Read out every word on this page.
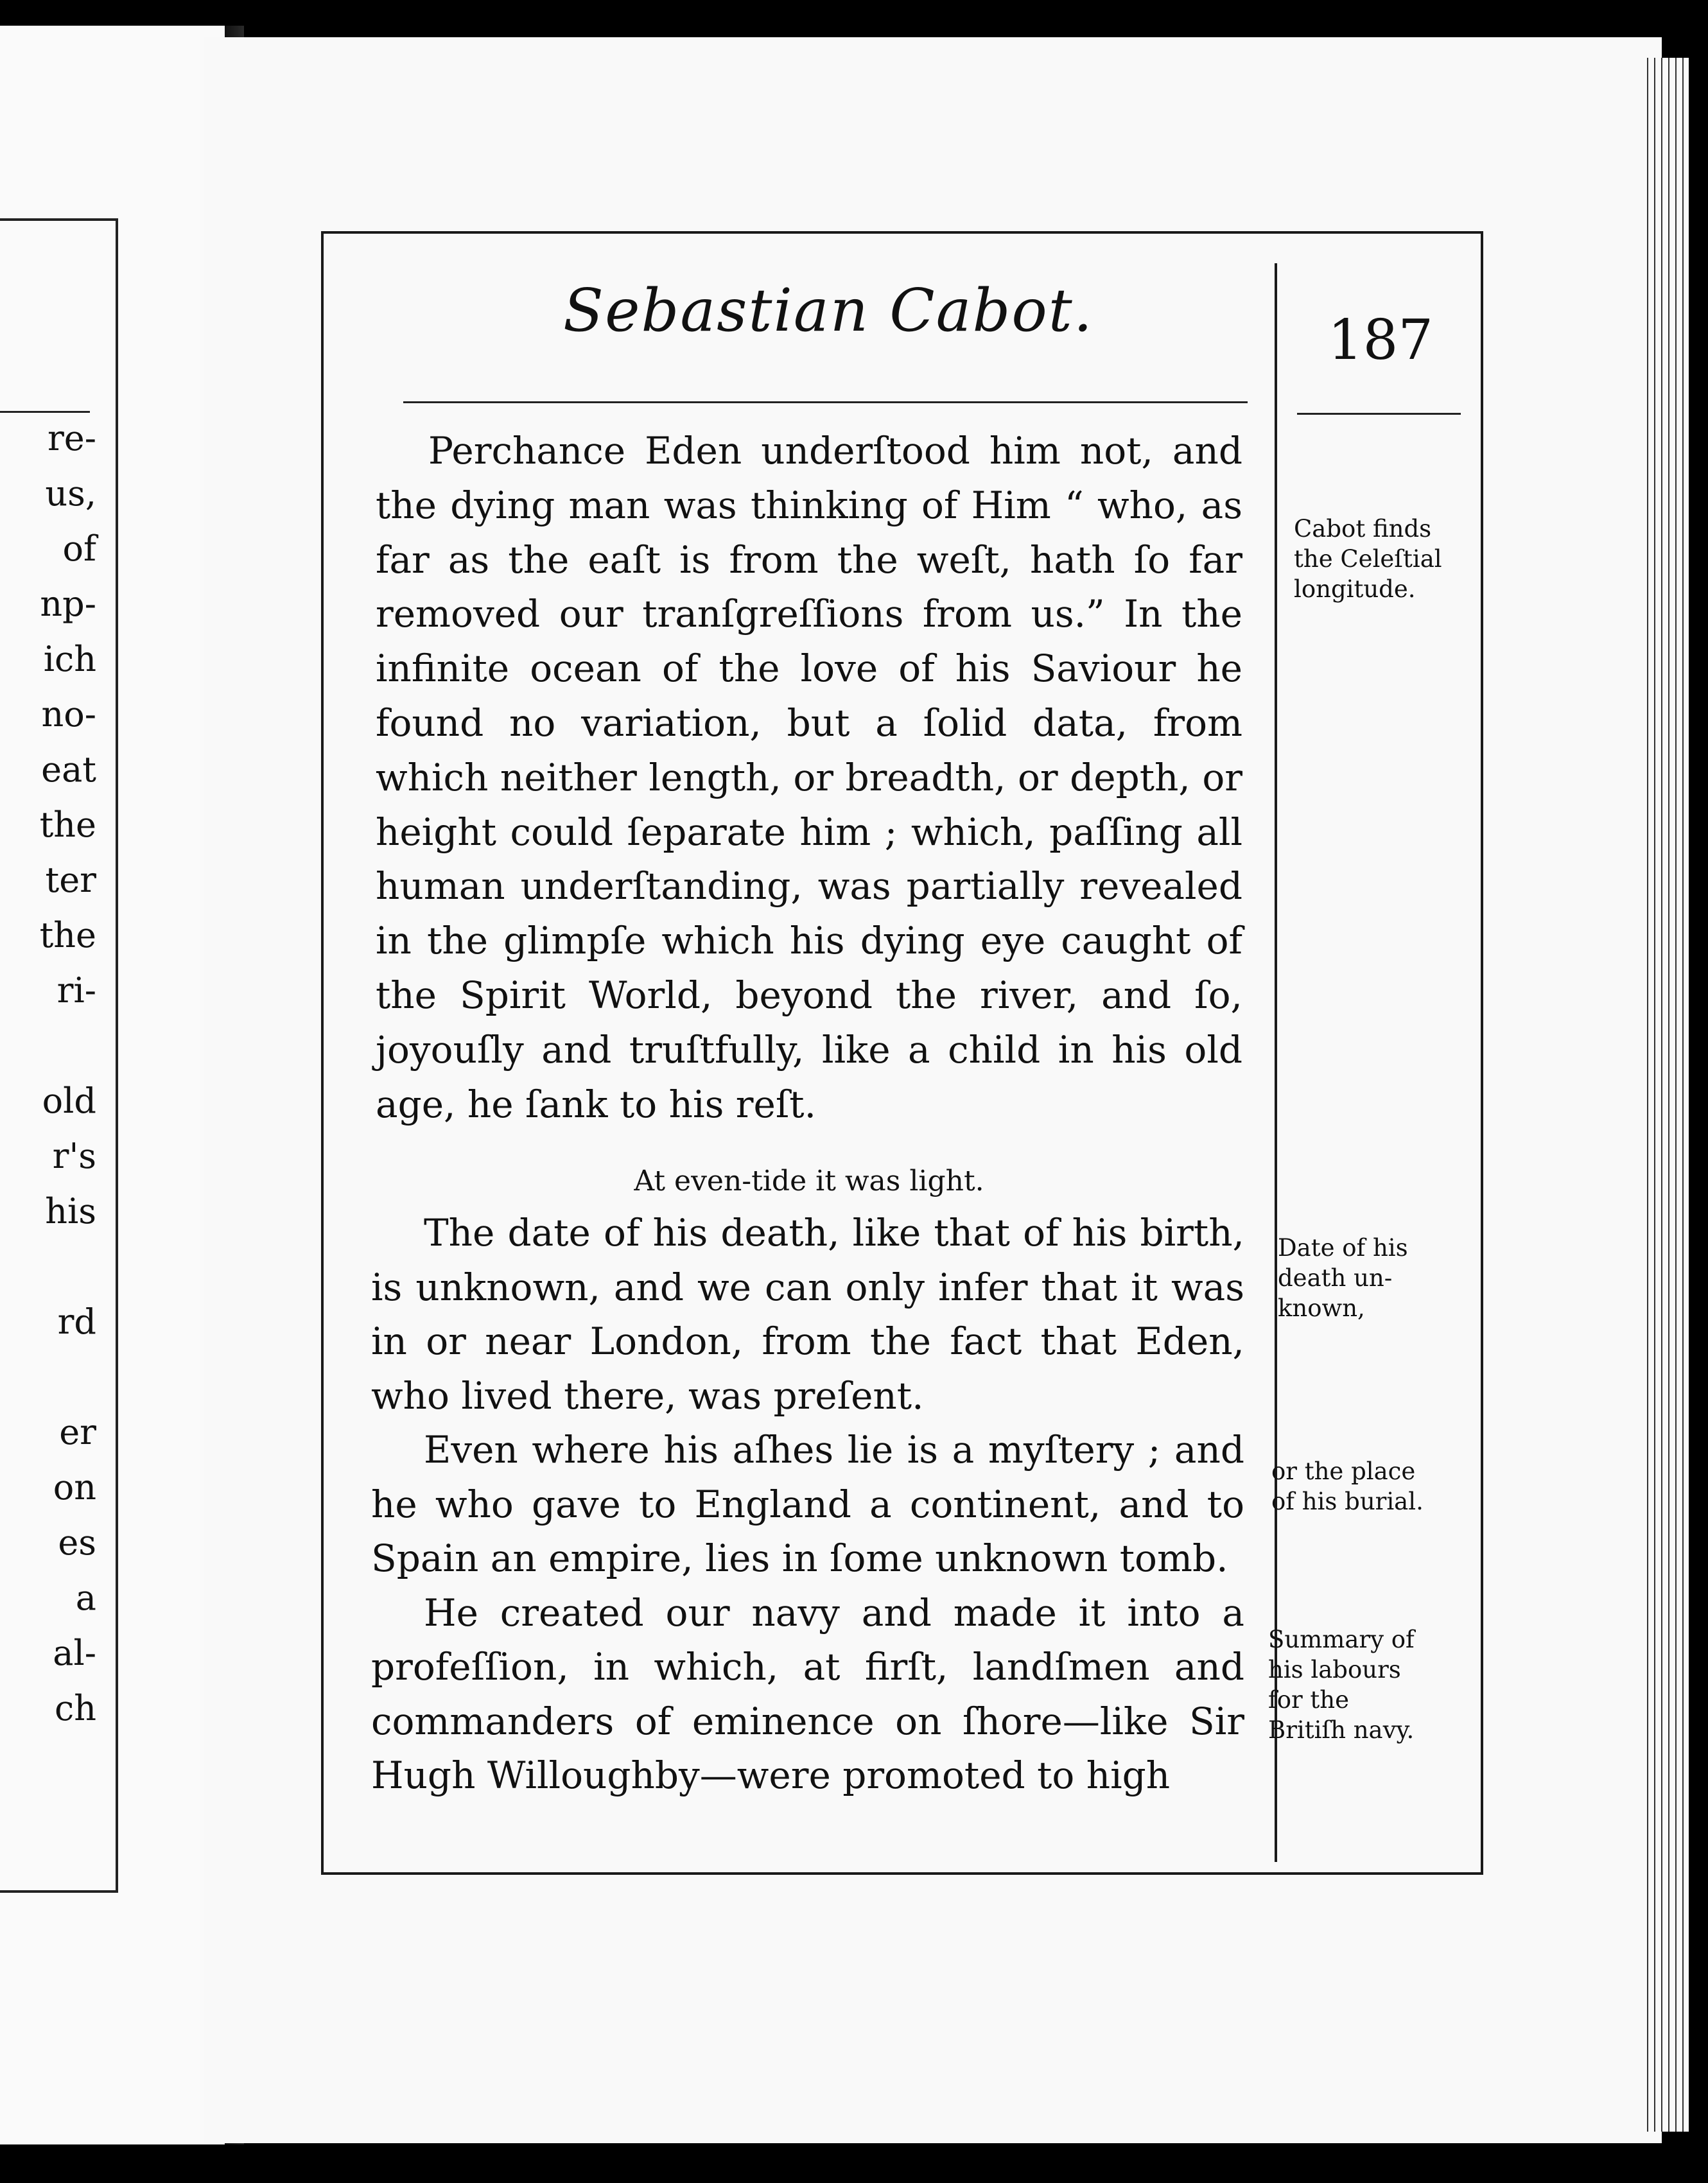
re-
us,
of
np-
ich
no-
eat
the
ter
the
ri-

old
r's
his

rd

er
on
es
a
al-
ch
Sebastian Cabot.	187

Perchance Eden underſtood him not, and the dying man was thinking of Him “ who, as far as the eaſt is from the weſt, hath ſo far removed our tranſgreſſions from us.” In the infinite ocean of the love of his Saviour he found no variation, but a ſolid data, from which neither length, or breadth, or depth, or height could ſeparate him ; which, paſſing all human underſtanding, was partially revealed in the glimpſe which his dying eye caught of the Spirit World, beyond the river, and ſo, joyouſly and truſtfully, like a child in his old age, he ſank to his reſt.

At even-tide it was light.

The date of his death, like that of his birth, is unknown, and we can only infer that it was in or near London, from the fact that Eden, who lived there, was preſent.

Even where his aſhes lie is a myſtery ; and he who gave to England a continent, and to Spain an empire, lies in ſome unknown tomb.

He created our navy and made it into a profeſſion, in which, at firſt, landſmen and commanders of eminence on ſhore—like Sir Hugh Willoughby—were promoted to high

Cabot finds
the Celeſtial
longitude.
Date of his
death un-
known,
or the place
of his burial.
Summary of
his labours
for the
Britiſh navy.
